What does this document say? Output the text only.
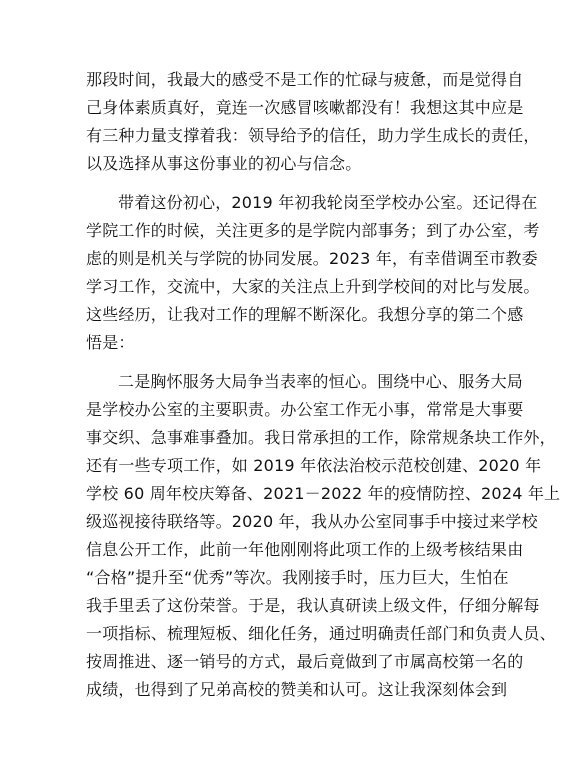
那段时间，我最大的感受不是工作的忙碌与疲惫，而是觉得自
己身体素质真好，竟连一次感冒咳嗽都没有！我想这其中应是
有三种力量支撑着我：领导给予的信任，助力学生成长的责任，
以及选择从事这份事业的初心与信念。
带着这份初心，2019 年初我轮岗至学校办公室。还记得在
学院工作的时候，关注更多的是学院内部事务；到了办公室，考
虑的则是机关与学院的协同发展。2023 年，有幸借调至市教委
学习工作，交流中，大家的关注点上升到学校间的对比与发展。
这些经历，让我对工作的理解不断深化。我想分享的第二个感
悟是：
二是胸怀服务大局争当表率的恒心。围绕中心、服务大局
是学校办公室的主要职责。办公室工作无小事，常常是大事要
事交织、急事难事叠加。我日常承担的工作，除常规条块工作外，
还有一些专项工作，如 2019 年依法治校示范校创建、2020 年
学校 60 周年校庆筹备、2021－2022 年的疫情防控、2024 年上
级巡视接待联络等。2020 年，我从办公室同事手中接过来学校
信息公开工作，此前一年他刚刚将此项工作的上级考核结果由
“合格”提升至“优秀”等次。我刚接手时，压力巨大，生怕在
我手里丢了这份荣誉。于是，我认真研读上级文件，仔细分解每
一项指标、梳理短板、细化任务，通过明确责任部门和负责人员、
按周推进、逐一销号的方式，最后竟做到了市属高校第一名的
成绩，也得到了兄弟高校的赞美和认可。这让我深刻体会到
